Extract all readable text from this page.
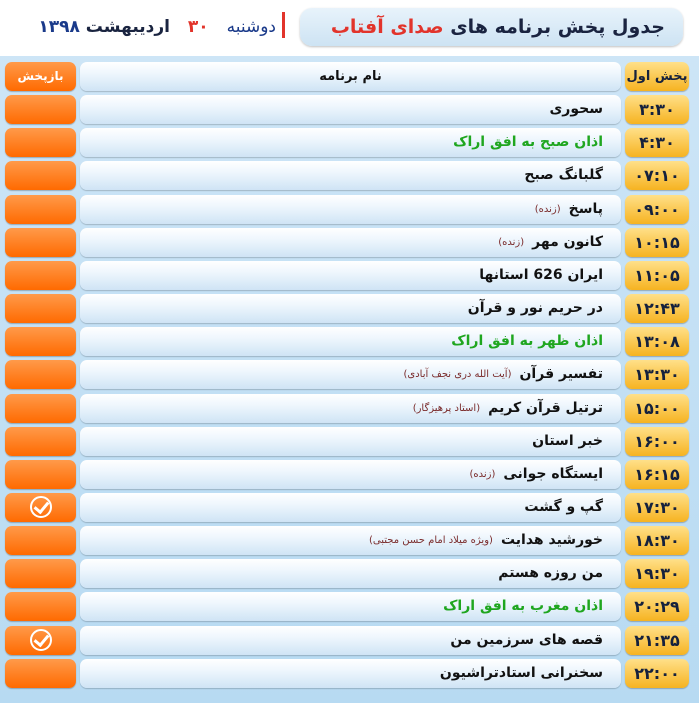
جدول پخش برنامه های صدای آفتاب
دوشنبه ۳۰ اردیبهشت ۱۳۹۸
پخش اول
نام برنامه
بازپخش
۳:۳۰
سحوری
۴:۳۰
اذان صبح به افق اراک
۰۷:۱۰
گلبانگ صبح
۰۹:۰۰
پاسخ(زنده)
۱۰:۱۵
کانون مهر(زنده)
۱۱:۰۵
ایران 626 استانها
۱۲:۴۳
در حریم نور و قرآن
۱۳:۰۸
اذان ظهر به افق اراک
۱۳:۳۰
تفسیر قرآن(آیت الله دری نجف آبادی)
۱۵:۰۰
ترتیل قرآن کریم(استاد پرهیزگار)
۱۶:۰۰
خبر استان
۱۶:۱۵
ایستگاه جوانی(زنده)
۱۷:۳۰
گپ و گشت
۱۸:۳۰
خورشید هدایت(ویژه میلاد امام حسن مجتبی)
۱۹:۳۰
من روزه هستم
۲۰:۲۹
اذان مغرب به افق اراک
۲۱:۳۵
قصه های سرزمین من
۲۲:۰۰
سخنرانی استادتراشیون
